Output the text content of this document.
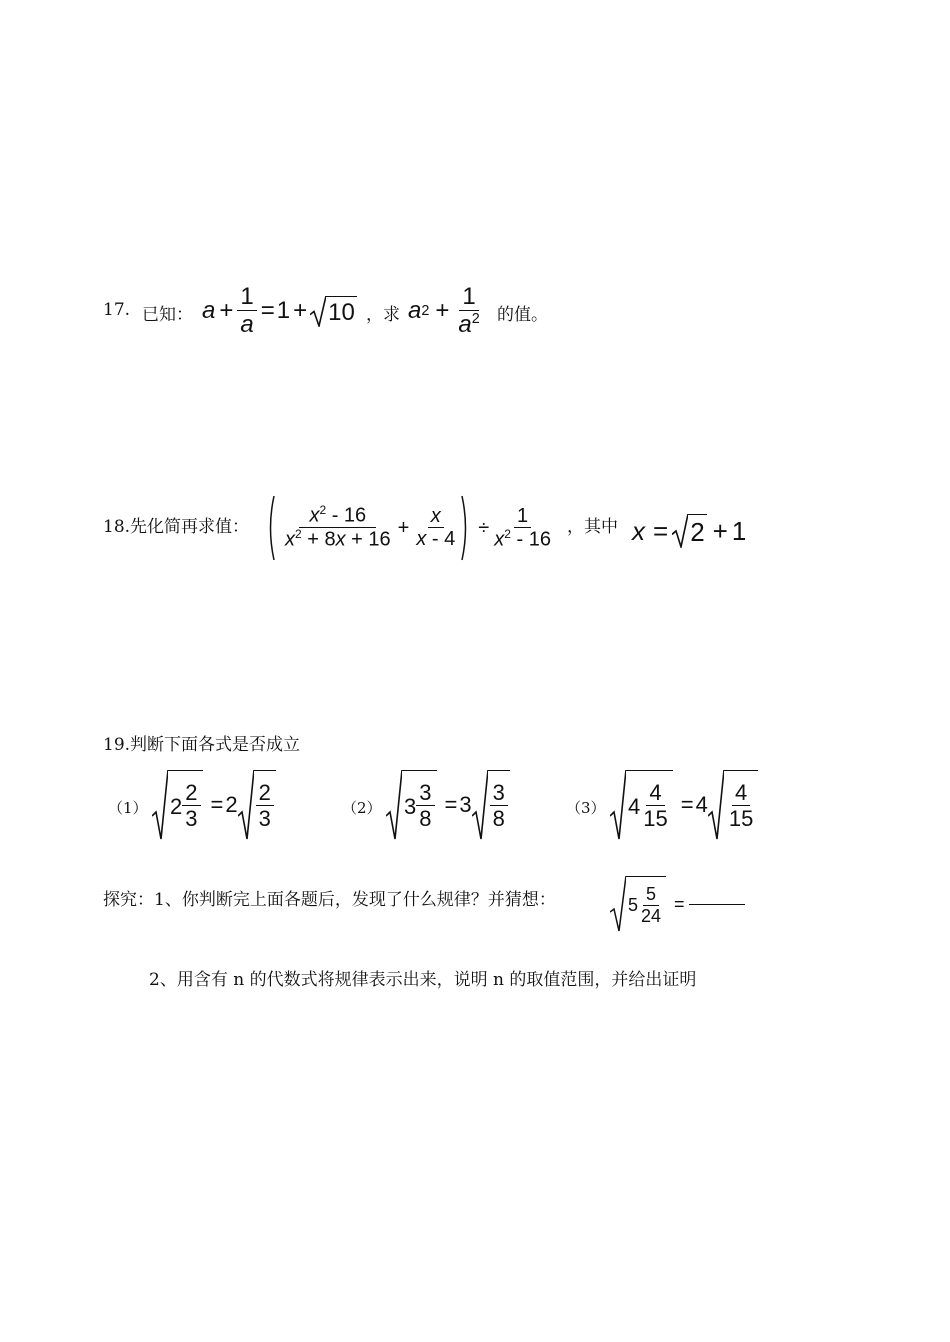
17. 已知： $a + \frac{1}{a} = 1 + 10$ ，求 a $2 + \frac{1}{a^2}$ 的值。
18.先化简再求值： $\frac{x^2 - 16}{x^2 + 8x + 16} + \frac{x}{x - 4} \div \frac{1}{x^2 - 16}$ ，其中 x = 2 + 1
19.判断下面各式是否成立
（1） $2 \frac{2}{3} = 2 \frac{2}{3}$	（2） $3 \frac{3}{8} = 3 \frac{3}{8}$	（3） $4 \frac{4}{15} = 4 \frac{4}{15}$
探究：1、你判断完上面各题后，发现了什么规律？并猜想：	$5 \frac{5}{24}$ =
2、用含有 n 的代数式将规律表示出来，说明 n 的取值范围，并给出证明
